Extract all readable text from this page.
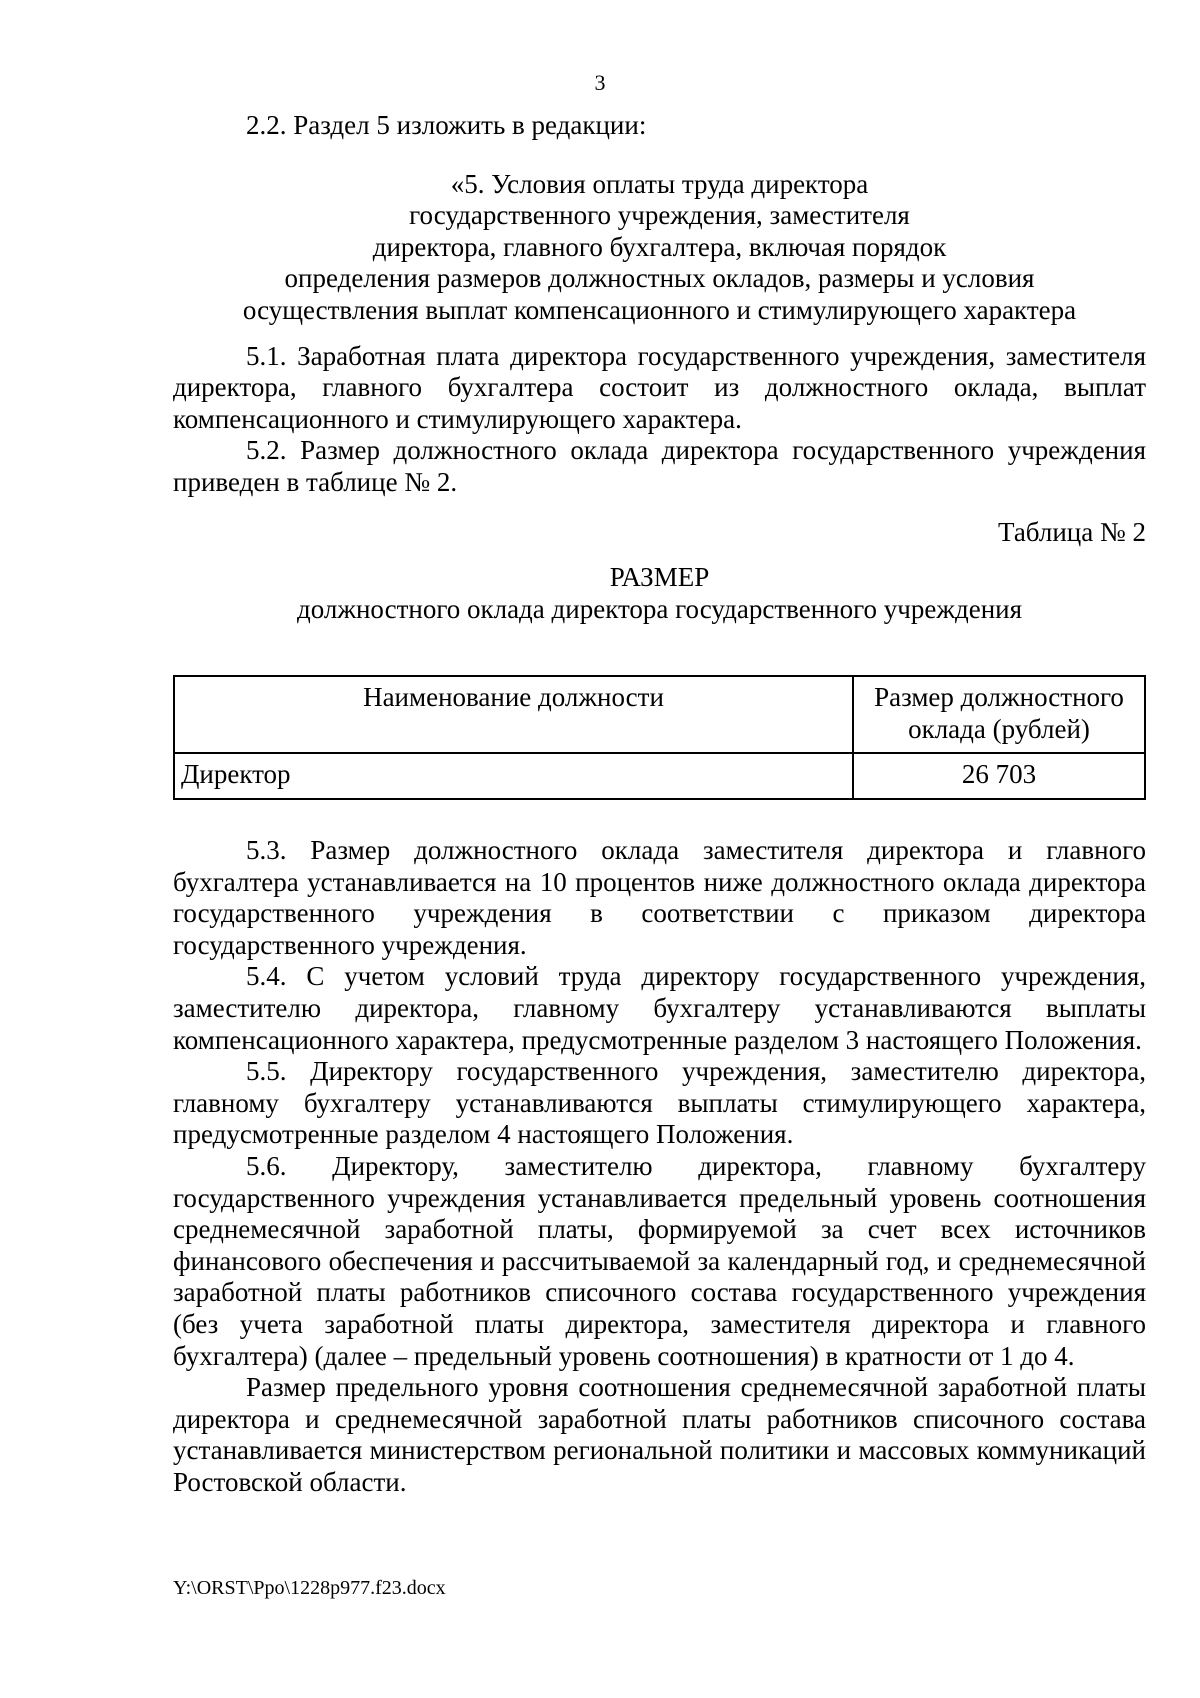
3

2.2. Раздел 5 изложить в редакции:

«5. Условия оплаты труда директора
государственного учреждения, заместителя
директора, главного бухгалтера, включая порядок
определения размеров должностных окладов, размеры и условия
осуществления выплат компенсационного и стимулирующего характера

5.1. Заработная плата директора государственного учреждения, заместителя директора, главного бухгалтера состоит из должностного оклада, выплат компенсационного и стимулирующего характера.

5.2. Размер должностного оклада директора государственного учреждения приведен в таблице № 2.

Таблица № 2

РАЗМЕР

должностного оклада директора государственного учреждения

Наименование должности	Размер должностного оклада (рублей)
Директор	26 703

5.3. Размер должностного оклада заместителя директора и главного бухгалтера устанавливается на 10 процентов ниже должностного оклада директора государственного учреждения в соответствии с приказом директора государственного учреждения.

5.4. С учетом условий труда директору государственного учреждения, заместителю директора, главному бухгалтеру устанавливаются выплаты компенсационного характера, предусмотренные разделом 3 настоящего Положения.

5.5. Директору государственного учреждения, заместителю директора, главному бухгалтеру устанавливаются выплаты стимулирующего характера, предусмотренные разделом 4 настоящего Положения.

5.6. Директору, заместителю директора, главному бухгалтеру государственного учреждения устанавливается предельный уровень соотношения среднемесячной заработной платы, формируемой за счет всех источников финансового обеспечения и рассчитываемой за календарный год, и среднемесячной заработной платы работников списочного состава государственного учреждения (без учета заработной платы директора, заместителя директора и главного бухгалтера) (далее – предельный уровень соотношения) в кратности от 1 до 4.

Размер предельного уровня соотношения среднемесячной заработной платы директора и среднемесячной заработной платы работников списочного состава устанавливается министерством региональной политики и массовых коммуникаций Ростовской области.

Y:\ORST\Ppo\1228p977.f23.docx
